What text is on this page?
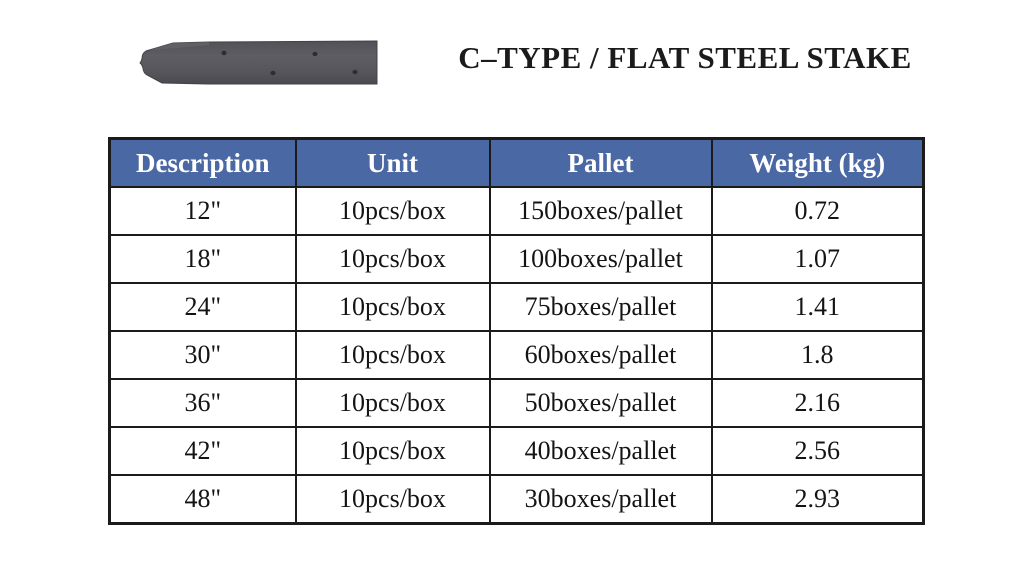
C–TYPE / FLAT STEEL STAKE
Description	Unit	Pallet	Weight (kg)
12"	10pcs/box	150boxes/pallet	0.72
18"	10pcs/box	100boxes/pallet	1.07
24"	10pcs/box	75boxes/pallet	1.41
30"	10pcs/box	60boxes/pallet	1.8
36"	10pcs/box	50boxes/pallet	2.16
42"	10pcs/box	40boxes/pallet	2.56
48"	10pcs/box	30boxes/pallet	2.93
